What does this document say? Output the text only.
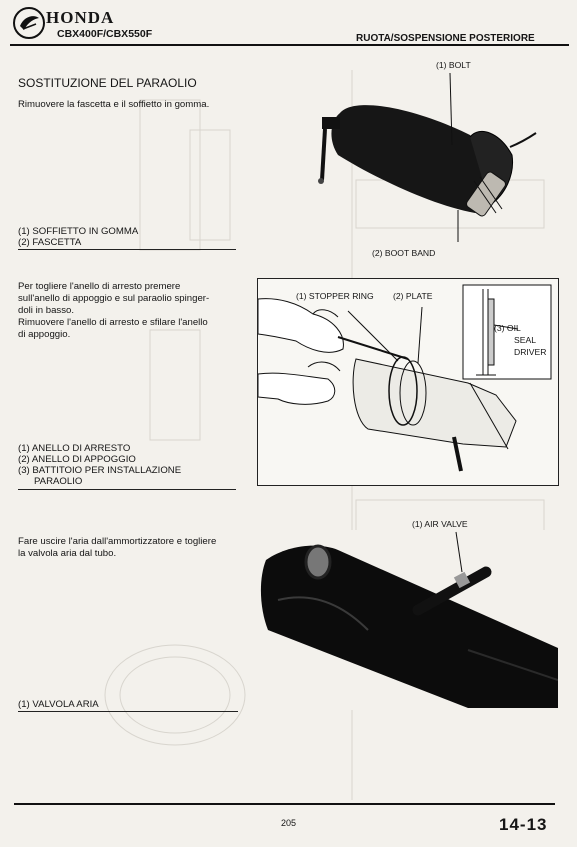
HONDA
CBX400F/CBX550F	RUOTA/SOSPENSIONE POSTERIORE
SOSTITUZIONE DEL PARAOLIO
Rimuovere la fascetta e il soffietto in gomma.
(1) SOFFIETTO IN GOMMA
(2) FASCETTA
Per togliere l'anello di arresto premere
sull'anello di appoggio e sul paraolio spinger-
doli in basso.
Rimuovere l'anello di arresto e sfilare l'anello
di appoggio.
(1) ANELLO DI ARRESTO
(2) ANELLO DI APPOGGIO
(3) BATTITOIO PER INSTALLAZIONE
PARAOLIO
Fare uscire l'aria dall'ammortizzatore e togliere
la valvola aria dal tubo.
(1) VALVOLA ARIA
(1) BOLT
(2) BOOT BAND
(1) STOPPER RING (2) PLATE
(3) OIL
SEAL
DRIVER
(1) AIR VALVE
205	14-13
